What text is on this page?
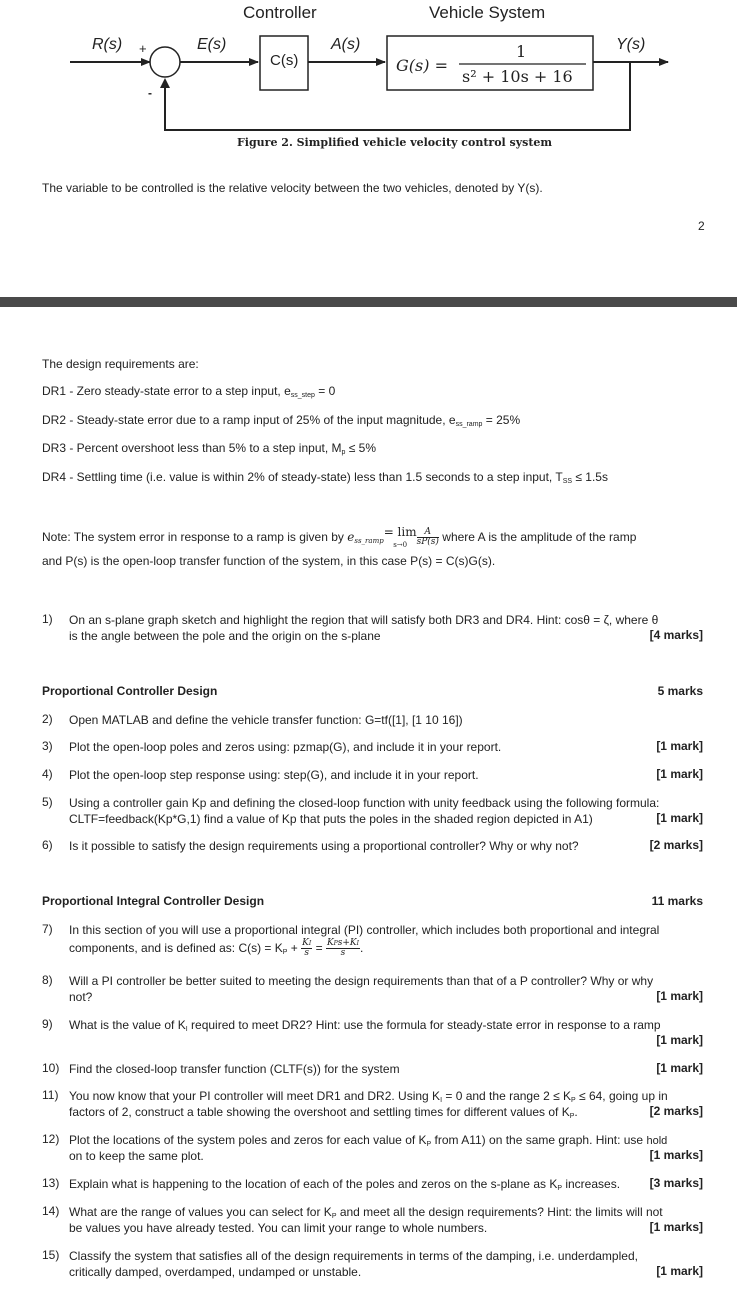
Controller	Vehicle System
R(s) +
-
E(s)
C(s)
A(s)	Y(s)
G(s) =
1
s² + 10s + 16
Figure 2. Simplified vehicle velocity control system
The variable to be controlled is the relative velocity between the two vehicles, denoted by Y(s).
2
The design requirements are:
DR1 - Zero steady-state error to a step input, $e_{ss\_step} = 0$
DR2 - Steady-state error due to a ramp input of 25% of the input magnitude, $e_{ss\_ramp} = 25\%$
DR3 - Percent overshoot less than 5% to a step input, $M_p \le 5\%$
DR4 - Settling time (i.e. value is within 2% of steady-state) less than 1.5 seconds to a step input, $T_{SS} \le 1.5s$
Note: The system error in response to a ramp is given by $e_{ss\_ramp}= \lim$
$s\to 0 \frac{A}{sP(s)}$ where A is the amplitude of the ramp
and P(s) is the open-loop transfer function of the system, in this case P(s) = C(s)G(s).
1) On an s-plane graph sketch and highlight the region that will satisfy both DR3 and DR4. Hint: cosθ = ζ, where θ
is the angle between the pole and the origin on the s-plane	[4 marks]
Proportional Controller Design	5 marks
2) Open MATLAB and define the vehicle transfer function: G=tf([1], [1 10 16])
3) Plot the open-loop poles and zeros using: pzmap(G), and include it in your report.	[1 mark]
4) Plot the open-loop step response using: step(G), and include it in your report.	[1 mark]
5) Using a controller gain Kp and defining the closed-loop function with unity feedback using the following formula:
CLTF=feedback(Kp*G,1) find a value of Kp that puts the poles in the shaded region depicted in A1)	[1 mark]
6) Is it possible to satisfy the design requirements using a proportional controller? Why or why not?	[2 marks]
Proportional Integral Controller Design	11 marks
7) In this section of you will use a proportional integral (PI) controller, which includes both proportional and integral
components, and is defined as: $C(s) = K_P + \frac{KI}{s} = \frac{\text{KPs+KI}}{s}$ .
8) Will a PI controller be better suited to meeting the design requirements than that of a P controller? Why or why
not?	[1 mark]
9) What is the value of $K_I$ required to meet DR2? Hint: use the formula for steady-state error in response to a ramp
[1 mark]
10) Find the closed-loop transfer function (CLTF(s)) for the system	[1 mark]
11) You now know that your PI controller will meet DR1 and DR2. Using $K_I = 0$ and the range $2 \le K_P \le 64$, going up in
factors of 2, construct a table showing the overshoot and settling times for different values of $K_P$.	[2 marks]
12) Plot the locations of the system poles and zeros for each value of $K_P$ from A11) on the same graph. Hint: use hold
on to keep the same plot.	[1 marks]
13) Explain what is happening to the location of each of the poles and zeros on the s-plane as $K_P$ increases. [3 marks]
14) What are the range of values you can select for $K_P$ and meet all the design requirements? Hint: the limits will not
be values you have already tested. You can limit your range to whole numbers.	[1 marks]
15) Classify the system that satisfies all of the design requirements in terms of the damping, i.e. underdampled,
critically damped, overdamped, undamped or unstable.	[1 mark]
